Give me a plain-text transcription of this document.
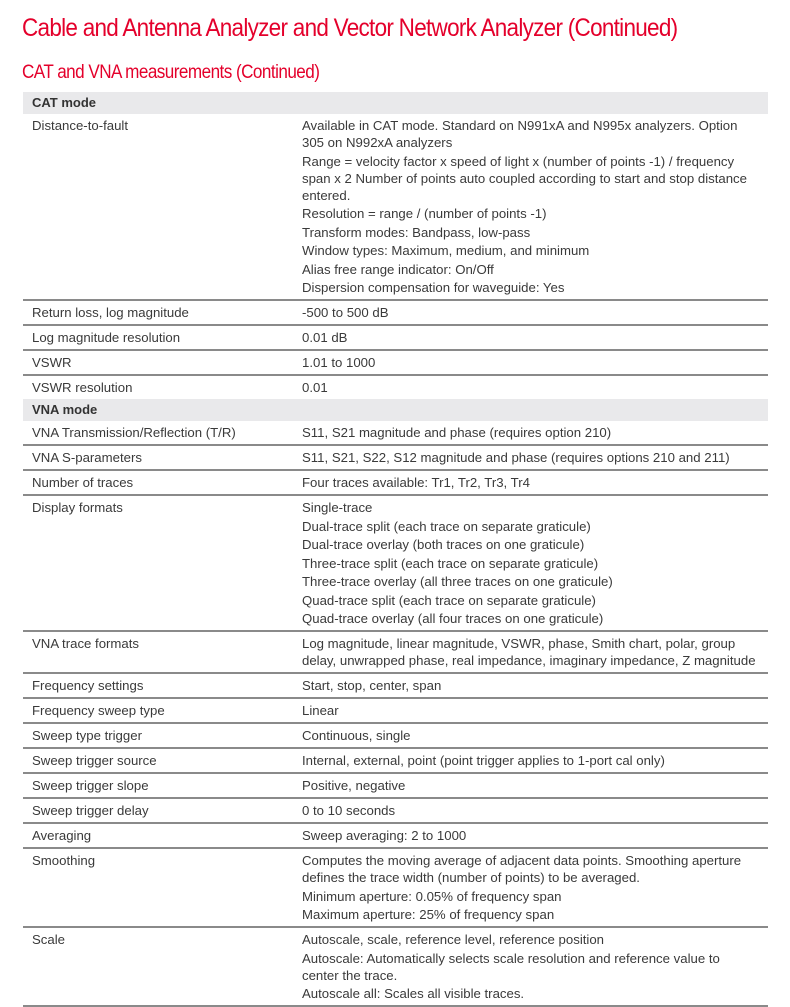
Cable and Antenna Analyzer and Vector Network Analyzer (Continued)
CAT and VNA measurements (Continued)
CAT mode
Distance-to-fault	Available in CAT mode. Standard on N991xA and N995x analyzers. Option 305 on N992xA analyzers

Range = velocity factor x speed of light x (number of points -1) / frequency span x 2 Number of points auto coupled according to start and stop distance entered.

Resolution = range / (number of points -1)

Transform modes: Bandpass, low-pass

Window types: Maximum, medium, and minimum

Alias free range indicator: On/Off

Dispersion compensation for waveguide: Yes

Return loss, log magnitude	-500 to 500 dB

Log magnitude resolution	0.01 dB

VSWR	1.01 to 1000

VSWR resolution	0.01

VNA mode
VNA Transmission/Reflection (T/R)	S11, S21 magnitude and phase (requires option 210)

VNA S-parameters	S11, S21, S22, S12 magnitude and phase (requires options 210 and 211)

Number of traces	Four traces available: Tr1, Tr2, Tr3, Tr4

Display formats	Single-trace

Dual-trace split (each trace on separate graticule)

Dual-trace overlay (both traces on one graticule)

Three-trace split (each trace on separate graticule)

Three-trace overlay (all three traces on one graticule)

Quad-trace split (each trace on separate graticule)

Quad-trace overlay (all four traces on one graticule)

VNA trace formats	Log magnitude, linear magnitude, VSWR, phase, Smith chart, polar, group delay, unwrapped phase, real impedance, imaginary impedance, Z magnitude

Frequency settings	Start, stop, center, span

Frequency sweep type	Linear

Sweep type trigger	Continuous, single

Sweep trigger source	Internal, external, point (point trigger applies to 1-port cal only)

Sweep trigger slope	Positive, negative

Sweep trigger delay	0 to 10 seconds

Averaging	Sweep averaging: 2 to 1000

Smoothing	Computes the moving average of adjacent data points. Smoothing aperture defines the trace width (number of points) to be averaged.

Minimum aperture: 0.05% of frequency span

Maximum aperture: 25% of frequency span

Scale	Autoscale, scale, reference level, reference position

Autoscale: Automatically selects scale resolution and reference value to center the trace.

Autoscale all: Scales all visible traces.
